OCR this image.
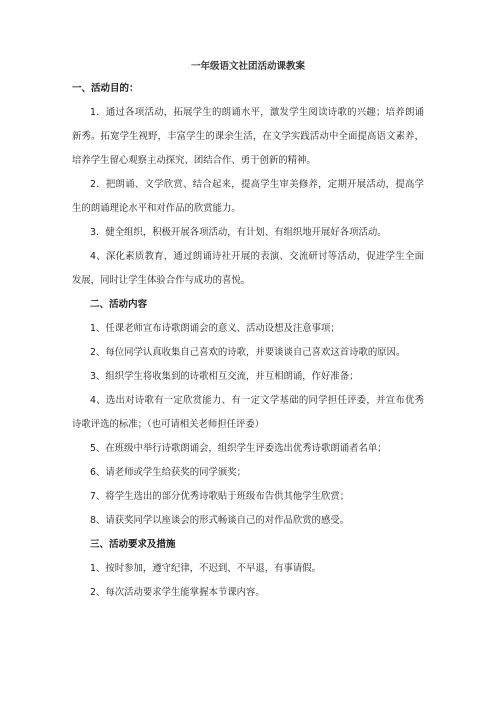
一年级语文社团活动课教案
一、活动目的：

1．通过各项活动，拓展学生的朗诵水平，激发学生阅读诗歌的兴趣；培养朗诵新秀。拓宽学生视野，丰富学生的课余生活，在文学实践活动中全面提高语文素养，培养学生留心观察主动探究、团结合作、勇于创新的精神。

2．把朗诵、文学欣赏、结合起来，提高学生审美修养，定期开展活动，提高学生的朗诵理论水平和对作品的欣赏能力。

3．健全组织，积极开展各项活动，有计划、有组织地开展好各项活动。

4、深化素质教育，通过朗诵诗社开展的表演、交流研讨等活动，促进学生全面发展，同时让学生体验合作与成功的喜悦。

二、活动内容

1、任课老师宣布诗歌朗诵会的意义、活动设想及注意事项；

2、每位同学认真收集自己喜欢的诗歌，并要谈谈自己喜欢这首诗歌的原因。

3、组织学生将收集到的诗歌相互交流，并互相朗诵，作好准备；

4、选出对诗歌有一定欣赏能力、有一定文学基础的同学担任评委，并宣布优秀诗歌评选的标准；（也可请相关老师担任评委）

5、在班级中举行诗歌朗诵会，组织学生评委选出优秀诗歌朗诵者名单；

6、请老师或学生给获奖的同学颁奖；

7、将学生选出的部分优秀诗歌贴于班级布告供其他学生欣赏；

8、请获奖同学以座谈会的形式畅谈自己的对作品欣赏的感受。

三、活动要求及措施

1、按时参加，遵守纪律，不迟到、不早退，有事请假。

2、每次活动要求学生能掌握本节课内容。
